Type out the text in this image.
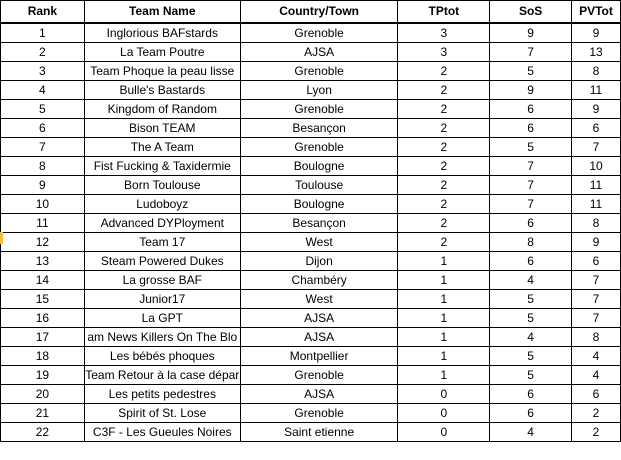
Rank	Team Name	Country/Town	TPtot	SoS	PVTot
1	Inglorious BAFstards	Grenoble	3	9	9
2	La Team Poutre	AJSA	3	7	13
3	Team Phoque la peau lisse	Grenoble	2	5	8
4	Bulle's Bastards	Lyon	2	9	11
5	Kingdom of Random	Grenoble	2	6	9
6	Bison TEAM	Besançon	2	6	6
7	The A Team	Grenoble	2	5	7
8	Fist Fucking & Taxidermie	Boulogne	2	7	10
9	Born Toulouse	Toulouse	2	7	11
10	Ludoboyz	Boulogne	2	7	11
11	Advanced DYPloyment	Besançon	2	6	8
12	Team 17	West	2	8	9
13	Steam Powered Dukes	Dijon	1	6	6
14	La grosse BAF	Chambéry	1	4	7
15	Junior17	West	1	5	7
16	La GPT	AJSA	1	5	7
17	am News Killers On The Blo	AJSA	1	4	8
18	Les bébés phoques	Montpellier	1	5	4
19	Team Retour à la case dépar	Grenoble	1	5	4
20	Les petits pedestres	AJSA	0	6	6
21	Spirit of St. Lose	Grenoble	0	6	2
22	C3F - Les Gueules Noires	Saint etienne	0	4	2
